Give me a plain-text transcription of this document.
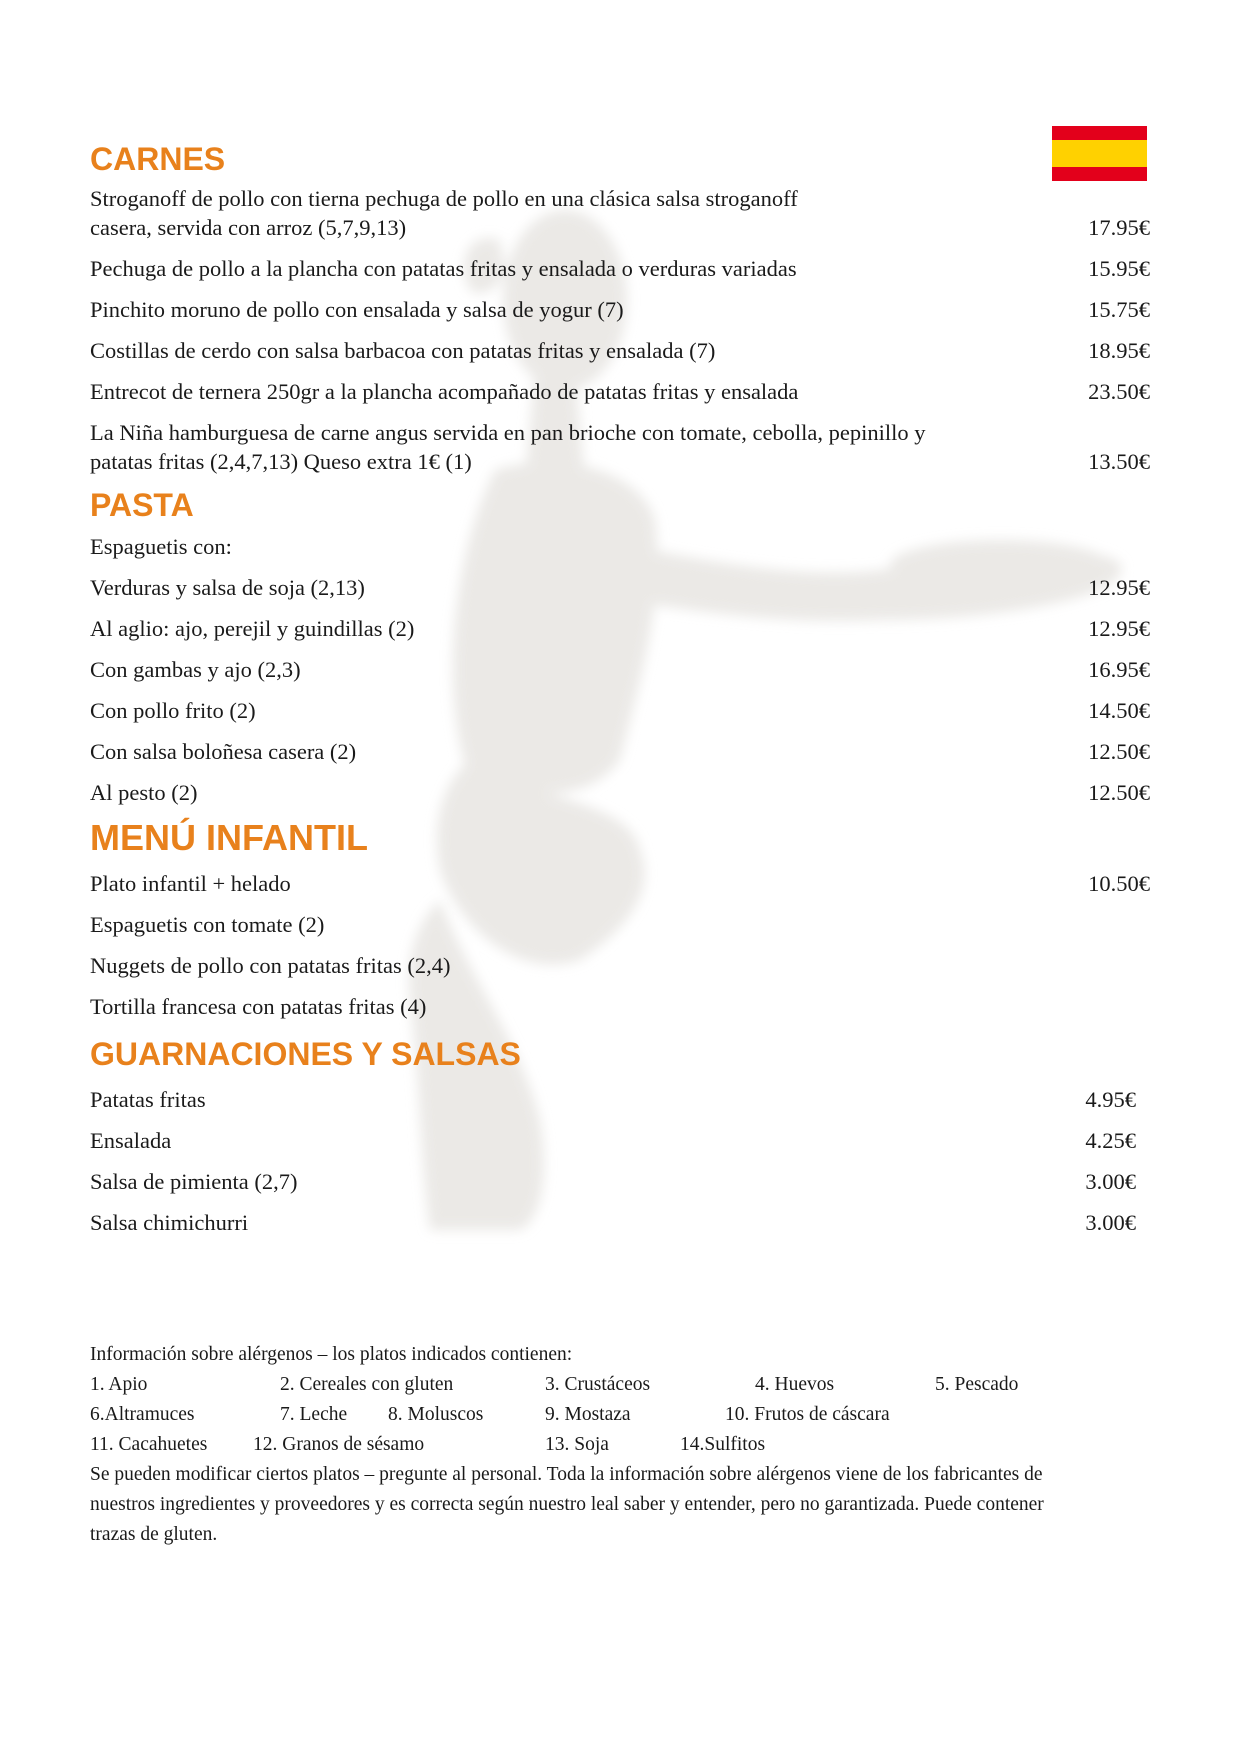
CARNES
Stroganoff de pollo con tierna pechuga de pollo en una clásica salsa stroganoff casera, servida con arroz (5,7,9,13)	17.95€
Pechuga de pollo a la plancha con patatas fritas y ensalada o verduras variadas	15.95€
Pinchito moruno de pollo con ensalada y salsa de yogur (7)	15.75€
Costillas de cerdo con salsa barbacoa con patatas fritas y ensalada (7)	18.95€
Entrecot de ternera 250gr a la plancha acompañado de patatas fritas y ensalada	23.50€
La Niña hamburguesa de carne angus servida en pan brioche con tomate, cebolla, pepinillo y patatas fritas (2,4,7,13) Queso extra 1€ (1)	13.50€
PASTA
Espaguetis con:
Verduras y salsa de soja (2,13)	12.95€
Al aglio: ajo, perejil y guindillas (2)	12.95€
Con gambas y ajo (2,3)	16.95€
Con pollo frito (2)	14.50€
Con salsa boloñesa casera (2)	12.50€
Al pesto (2)	12.50€
MENÚ INFANTIL
Plato infantil + helado	10.50€
Espaguetis con tomate (2)
Nuggets de pollo con patatas fritas (2,4)
Tortilla francesa con patatas fritas (4)
GUARNACIONES Y SALSAS
Patatas fritas	4.95€
Ensalada	4.25€
Salsa de pimienta (2,7)	3.00€
Salsa chimichurri	3.00€
Información sobre alérgenos – los platos indicados contienen:
1. Apio	2. Cereales con gluten	3. Crustáceos	4. Huevos	5. Pescado
6.Altramuces	7. Leche 8. Moluscos	9. Mostaza	10. Frutos de cáscara
11. Cacahuetes 12. Granos de sésamo	13. Soja	14.Sulfitos
Se pueden modificar ciertos platos – pregunte al personal. Toda la información sobre alérgenos viene de los fabricantes de nuestros ingredientes y proveedores y es correcta según nuestro leal saber y entender, pero no garantizada. Puede contener trazas de gluten.
